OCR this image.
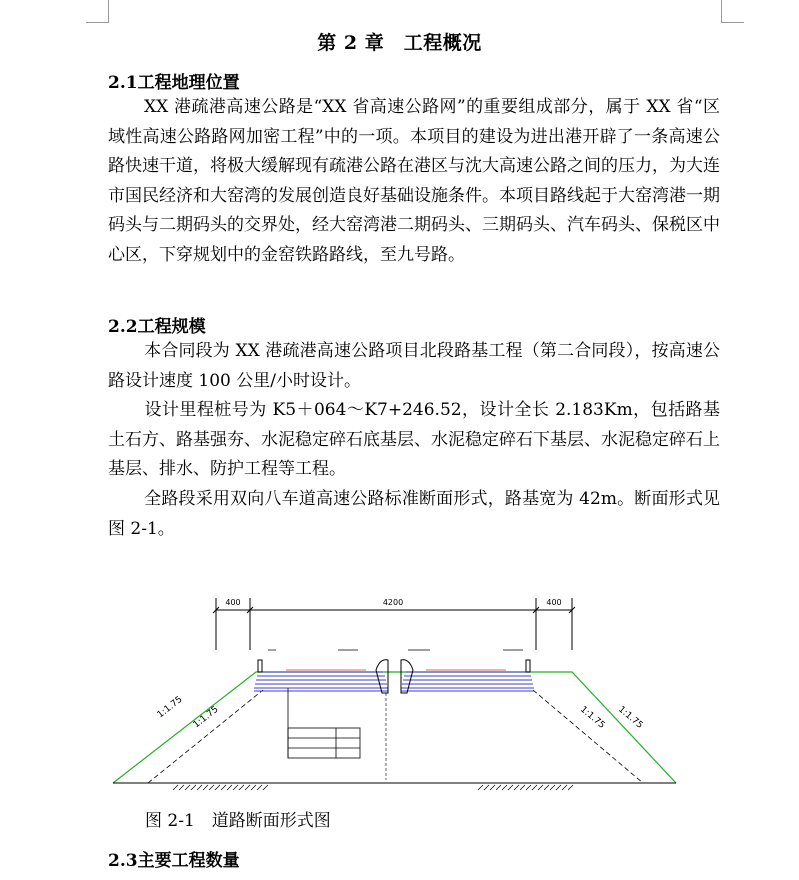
第 2 章　工程概况
2.1工程地理位置

XX 港疏港高速公路是“XX 省高速公路网”的重要组成部分，属于 XX 省“区域性高速公路路网加密工程”中的一项。本项目的建设为进出港开辟了一条高速公路快速干道，将极大缓解现有疏港公路在港区与沈大高速公路之间的压力，为大连市国民经济和大窑湾的发展创造良好基础设施条件。本项目路线起于大窑湾港一期码头与二期码头的交界处，经大窑湾港二期码头、三期码头、汽车码头、保税区中心区，下穿规划中的金窑铁路路线，至九号路。

2.2工程规模

本合同段为 XX 港疏港高速公路项目北段路基工程（第二合同段），按高速公路设计速度 100 公里/小时设计。

设计里程桩号为 K5＋064～K7+246.52，设计全长 2.183Km，包括路基土石方、路基强夯、水泥稳定碎石底基层、水泥稳定碎石下基层、水泥稳定碎石上基层、排水、防护工程等工程。

全路段采用双向八车道高速公路标准断面形式，路基宽为 42m。断面形式见图 2-1。

400	4200	400
1:1.75 1:1.75	1:1.75 1:1.75
图 2-1　道路断面形式图
2.3主要工程数量
